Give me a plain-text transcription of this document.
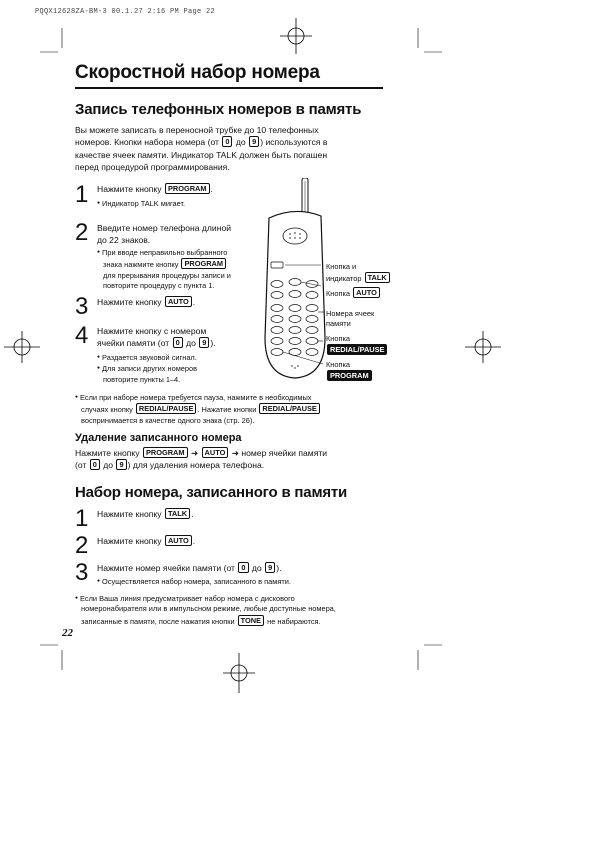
PQQX12628ZA-BM-3 00.1.27 2:16 PM Page 22
Скоростной набор номера
Запись телефонных номеров в память
Вы можете записать в переносной трубке до 10 телефонных
номеров. Кнопки набора номера (от 0 до 9 ) используются в
качестве ячеек памяти. Индикатор TALK должен быть погашен
перед процедурой программирования.
1 Нажмите кнопку PROGRAM .
● Индикатор TALK мигает.
2 Введите номер телефона длиной
до 22 знаков.
● При вводе неправильно выбранного
знака нажмите кнопку PROGRAM
для прерывания процедуры записи и
повторите процедуру с пункта 1.
3 Нажмите кнопку AUTO .
4 Нажмите кнопку с номером
ячейки памяти (от 0 до 9 ).
● Раздается звуковой сигнал.
● Для записи других номеров
повторите пункты 1–4.
Кнопка и
индикатор TALK
Кнопка AUTO
Номера ячеек
памяти
Кнопка
REDIAL/PAUSE
Кнопка
PROGRAM
● Если при наборе номера требуется пауза, нажмите в необходимых
случаях кнопку REDIAL/PAUSE . Нажатие кнопки REDIAL/PAUSE
воспринимается в качестве одного знака (стр. 26).
Удаление записанного номера
Нажмите кнопку PROGRAM ➜ AUTO ➜ номер ячейки памяти
(от 0 до 9 ) для удаления номера телефона.
Набор номера, записанного в памяти
1 Нажмите кнопку TALK .
2 Нажмите кнопку AUTO .
3 Нажмите номер ячейки памяти (от 0 до 9 ).
● Осуществляется набор номера, записанного в памяти.
● Если Ваша линия предусматривает набор номера с дискового
номеронабирателя или в импульсном режиме, любые доступные номера,
записанные в памяти, после нажатия кнопки TONE не набираются.
22
